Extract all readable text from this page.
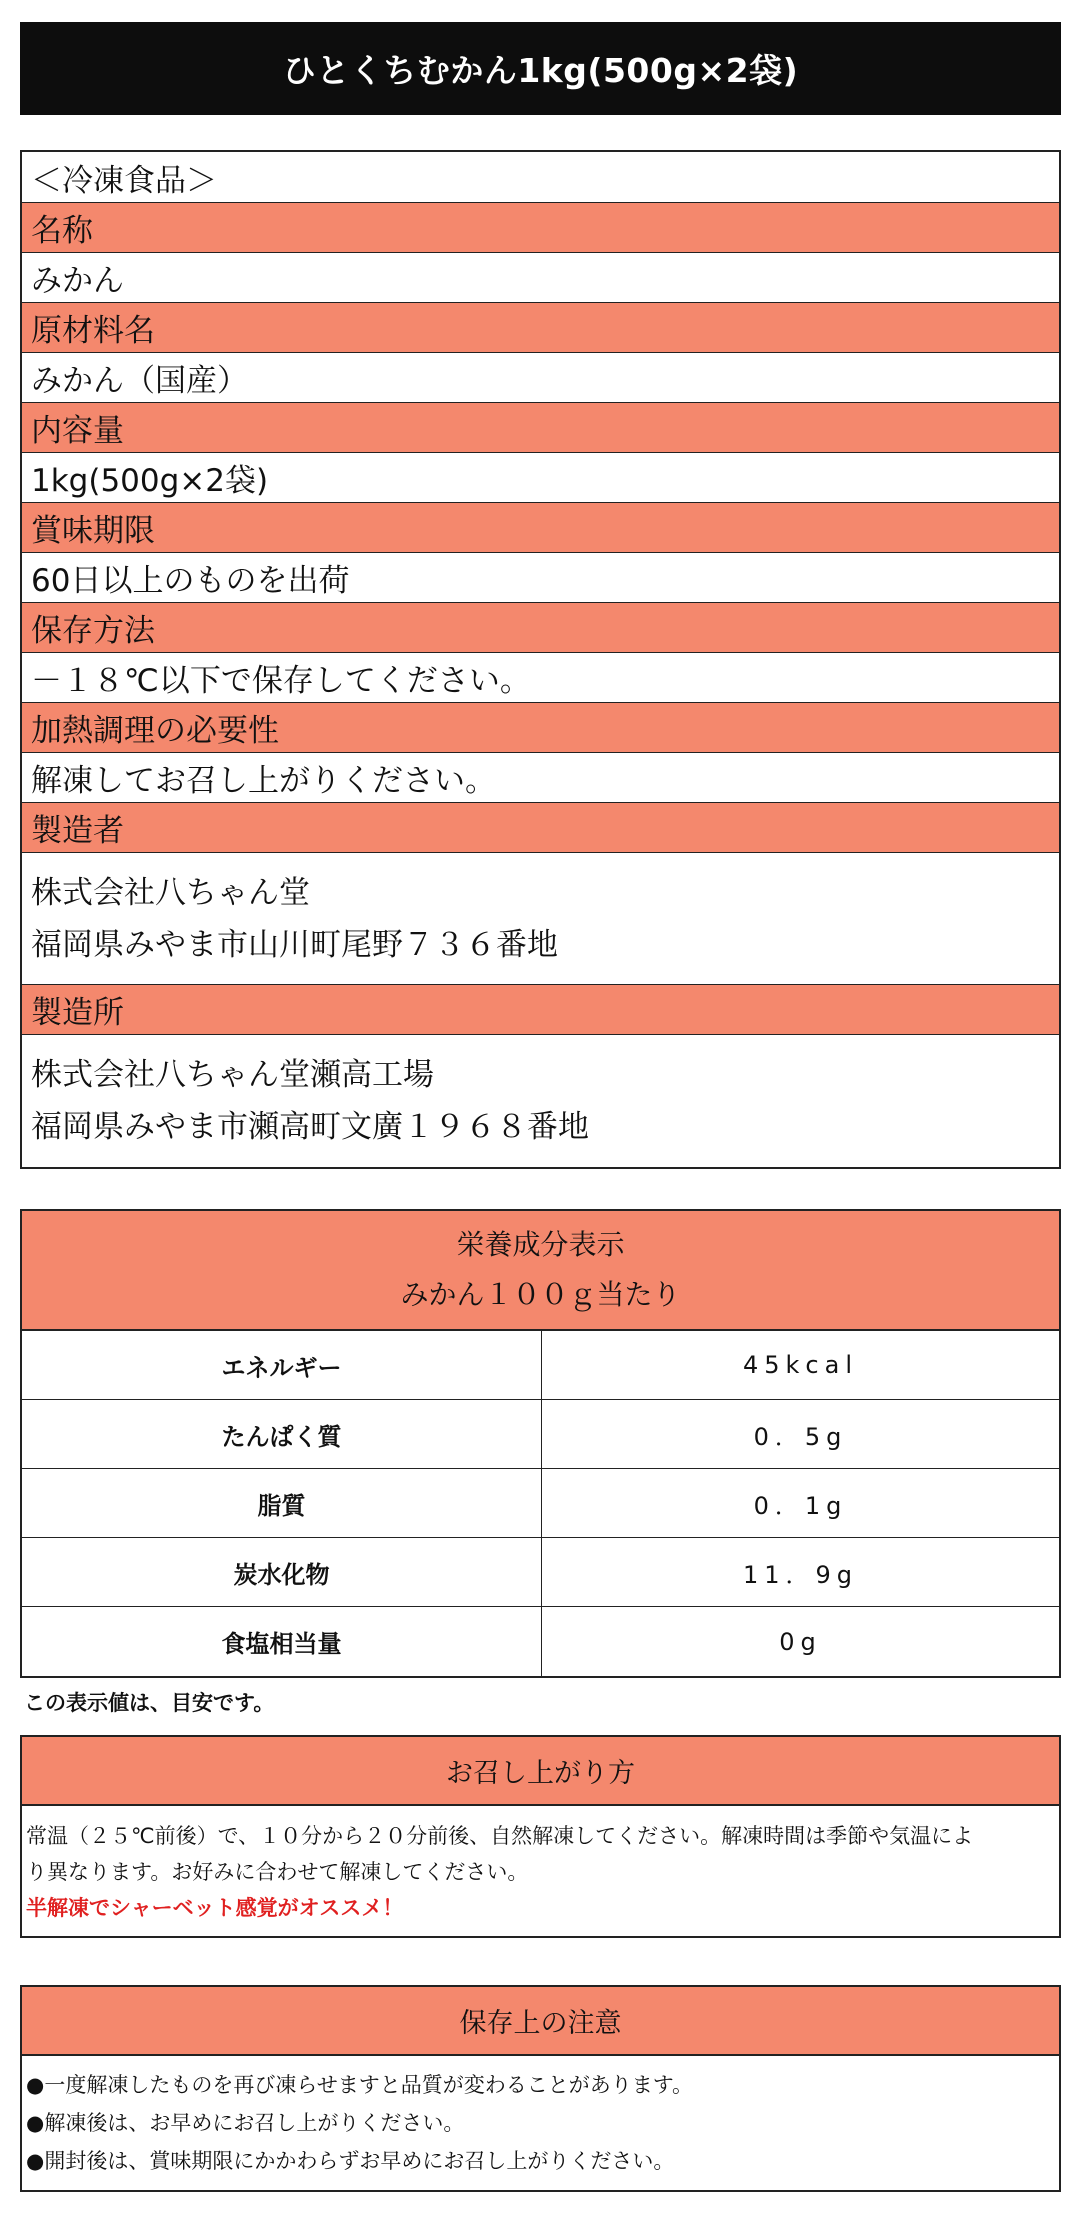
ひとくちむかん1kg(500g×2袋)
＜冷凍食品＞
名称
みかん
原材料名
みかん（国産）
内容量
1kg(500g×2袋)
賞味期限
60日以上のものを出荷
保存方法
－１８℃以下で保存してください。
加熱調理の必要性
解凍してお召し上がりください。
製造者
株式会社八ちゃん堂
福岡県みやま市山川町尾野７３６番地
製造所
株式会社八ちゃん堂瀬高工場
福岡県みやま市瀬高町文廣１９６８番地
栄養成分表示
みかん１００ｇ当たり
エネルギー	45kcal
たんぱく質	0．5g
脂質	0．1g
炭水化物	11．9g
食塩相当量	0g
この表示値は、目安です。
お召し上がり方
常温（２５℃前後）で、１０分から２０分前後、自然解凍してください。解凍時間は季節や気温によ
り異なります。お好みに合わせて解凍してください。
半解凍でシャーベット感覚がオススメ！
保存上の注意
●一度解凍したものを再び凍らせますと品質が変わることがあります。
●解凍後は、お早めにお召し上がりください。
●開封後は、賞味期限にかかわらずお早めにお召し上がりください。
